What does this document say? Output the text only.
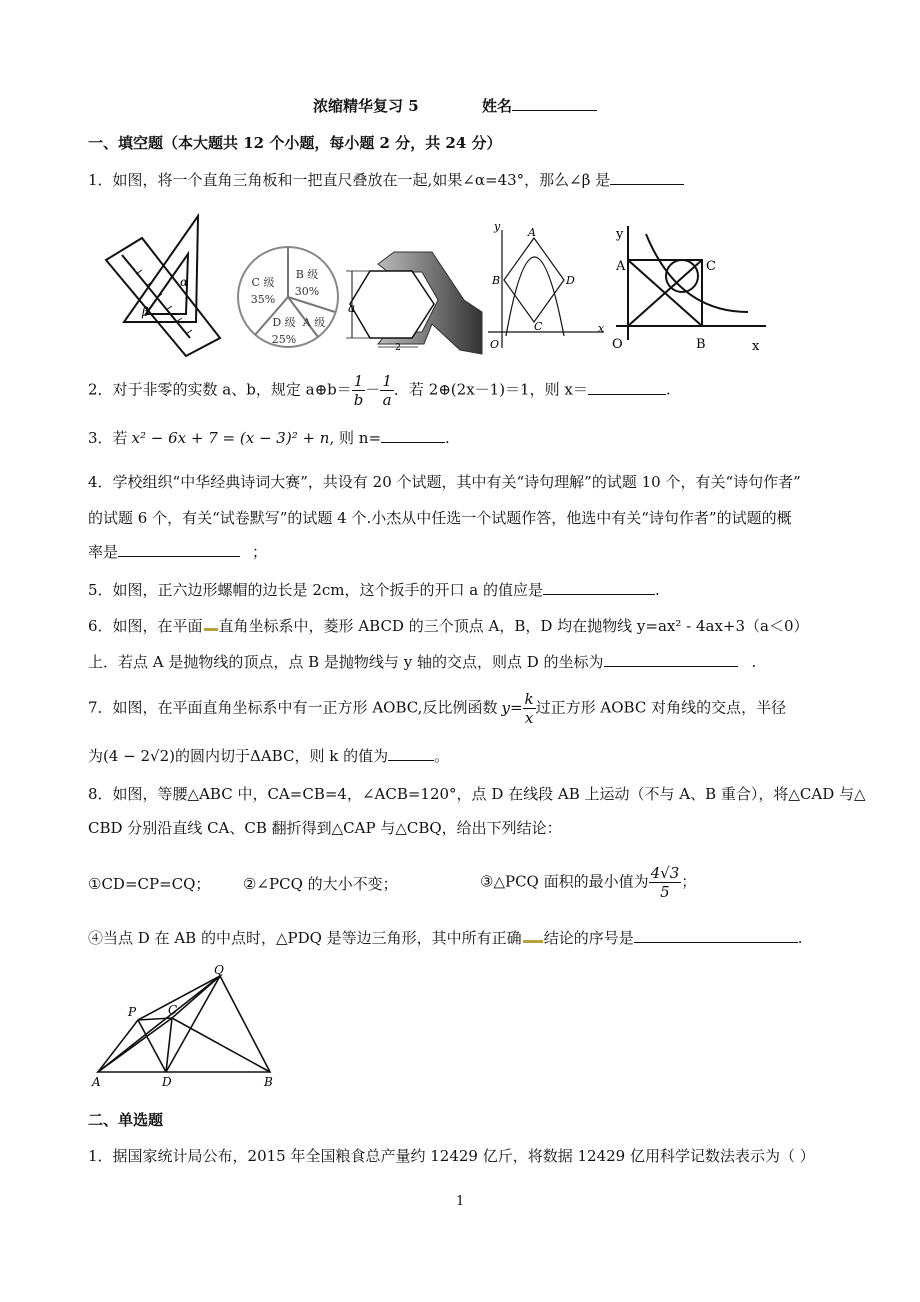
浓缩精华复习 5	姓名
一、填空题（本大题共 12 个小题，每小题 2 分，共 24 分）
1．如图，将一个直角三角板和一把直尺叠放在一起,如果∠α=43°，那么∠β 是
α
β
B 级
30%
C 级
35%
D 级
25%
A 级
a
2
y
x
A
B
C
D
O
y
x
A	C
O	B
2．对于非零的实数 a、b，规定 a⊕b＝ $\frac{1}{b} - \frac{1}{a}$ ．若 2⊕(2x－1)＝1，则 x＝	.
3．若 x² − 6x + 7 = (x − 3)² + n, 则 n=	.
4．学校组织“中华经典诗词大赛”，共设有 20 个试题，其中有关“诗句理解”的试题 10 个，有关“诗句作者”
的试题 6 个，有关“试卷默写”的试题 4 个.小杰从中任选一个试题作答，他选中有关“诗句作者”的试题的概
率是	；
5．如图，正六边形螺帽的边长是 2cm，这个扳手的开口 a 的值应是	.
6．如图，在平面 直角坐标系中，菱形 ABCD 的三个顶点 A，B，D 均在抛物线 y=ax² - 4ax+3（a＜0）
上．若点 A 是抛物线的顶点，点 B 是抛物线与 y 轴的交点，则点 D 的坐标为	.
7．如图，在平面直角坐标系中有一正方形 AOBC,反比例函数 $y= \frac{k}{x}$ 过正方形 AOBC 对角线的交点，半径
为(4 − 2√2)的圆内切于ΔABC，则 k 的值为	。
8．如图，等腰△ABC 中，CA=CB=4，∠ACB=120°，点 D 在线段 AB 上运动（不与 A、B 重合），将△CAD 与△
CBD 分别沿直线 CA、CB 翻折得到△CAP 与△CBQ，给出下列结论：
①CD=CP=CQ； ②∠PCQ 的大小不变；	③△PCQ 面积的最小值为 $\frac{4√3}{5}$ ；
④当点 D 在 AB 的中点时，△PDQ 是等边三角形，其中所有正确 结论的序号是	.
Q
P	C
A	D	B
二、单选题
1．据国家统计局公布，2015 年全国粮食总产量约 12429 亿斤，将数据 12429 亿用科学记数法表示为（ ）
1
